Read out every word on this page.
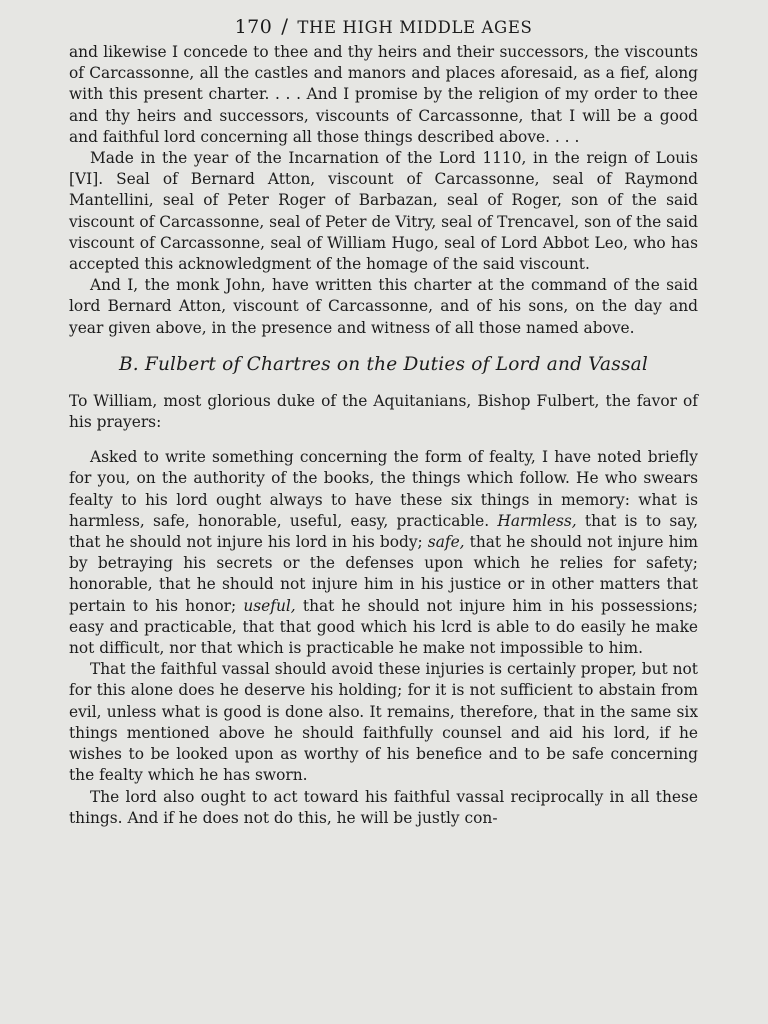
170 / THE HIGH MIDDLE AGES

and likewise I concede to thee and thy heirs and their successors, the viscounts of Carcassonne, all the castles and manors and places aforesaid, as a fief, along with this present charter. . . . And I promise by the religion of my order to thee and thy heirs and successors, viscounts of Carcassonne, that I will be a good and faithful lord concerning all those things described above. . . .

Made in the year of the Incarnation of the Lord 1110, in the reign of Louis [VI]. Seal of Bernard Atton, viscount of Carcassonne, seal of Raymond Mantellini, seal of Peter Roger of Barbazan, seal of Roger, son of the said viscount of Carcassonne, seal of Peter de Vitry, seal of Trencavel, son of the said viscount of Carcassonne, seal of William Hugo, seal of Lord Abbot Leo, who has accepted this acknowledgment of the homage of the said viscount.

And I, the monk John, have written this charter at the command of the said lord Bernard Atton, viscount of Carcassonne, and of his sons, on the day and year given above, in the presence and witness of all those named above.

B. Fulbert of Chartres on the Duties of Lord and Vassal

To William, most glorious duke of the Aquitanians, Bishop Fulbert, the favor of his prayers:

Asked to write something concerning the form of fealty, I have noted briefly for you, on the authority of the books, the things which follow. He who swears fealty to his lord ought always to have these six things in memory: what is harmless, safe, honorable, useful, easy, practicable. Harmless, that is to say, that he should not injure his lord in his body; safe, that he should not injure him by betraying his secrets or the defenses upon which he relies for safety; honorable, that he should not injure him in his justice or in other matters that pertain to his honor; useful, that he should not injure him in his possessions; easy and practicable, that that good which his lcrd is able to do easily he make not difficult, nor that which is practicable he make not impossible to him.

That the faithful vassal should avoid these injuries is certainly proper, but not for this alone does he deserve his holding; for it is not sufficient to abstain from evil, unless what is good is done also. It remains, therefore, that in the same six things mentioned above he should faithfully counsel and aid his lord, if he wishes to be looked upon as worthy of his benefice and to be safe concerning the fealty which he has sworn.

The lord also ought to act toward his faithful vassal reciprocally in all these things. And if he does not do this, he will be justly con-
